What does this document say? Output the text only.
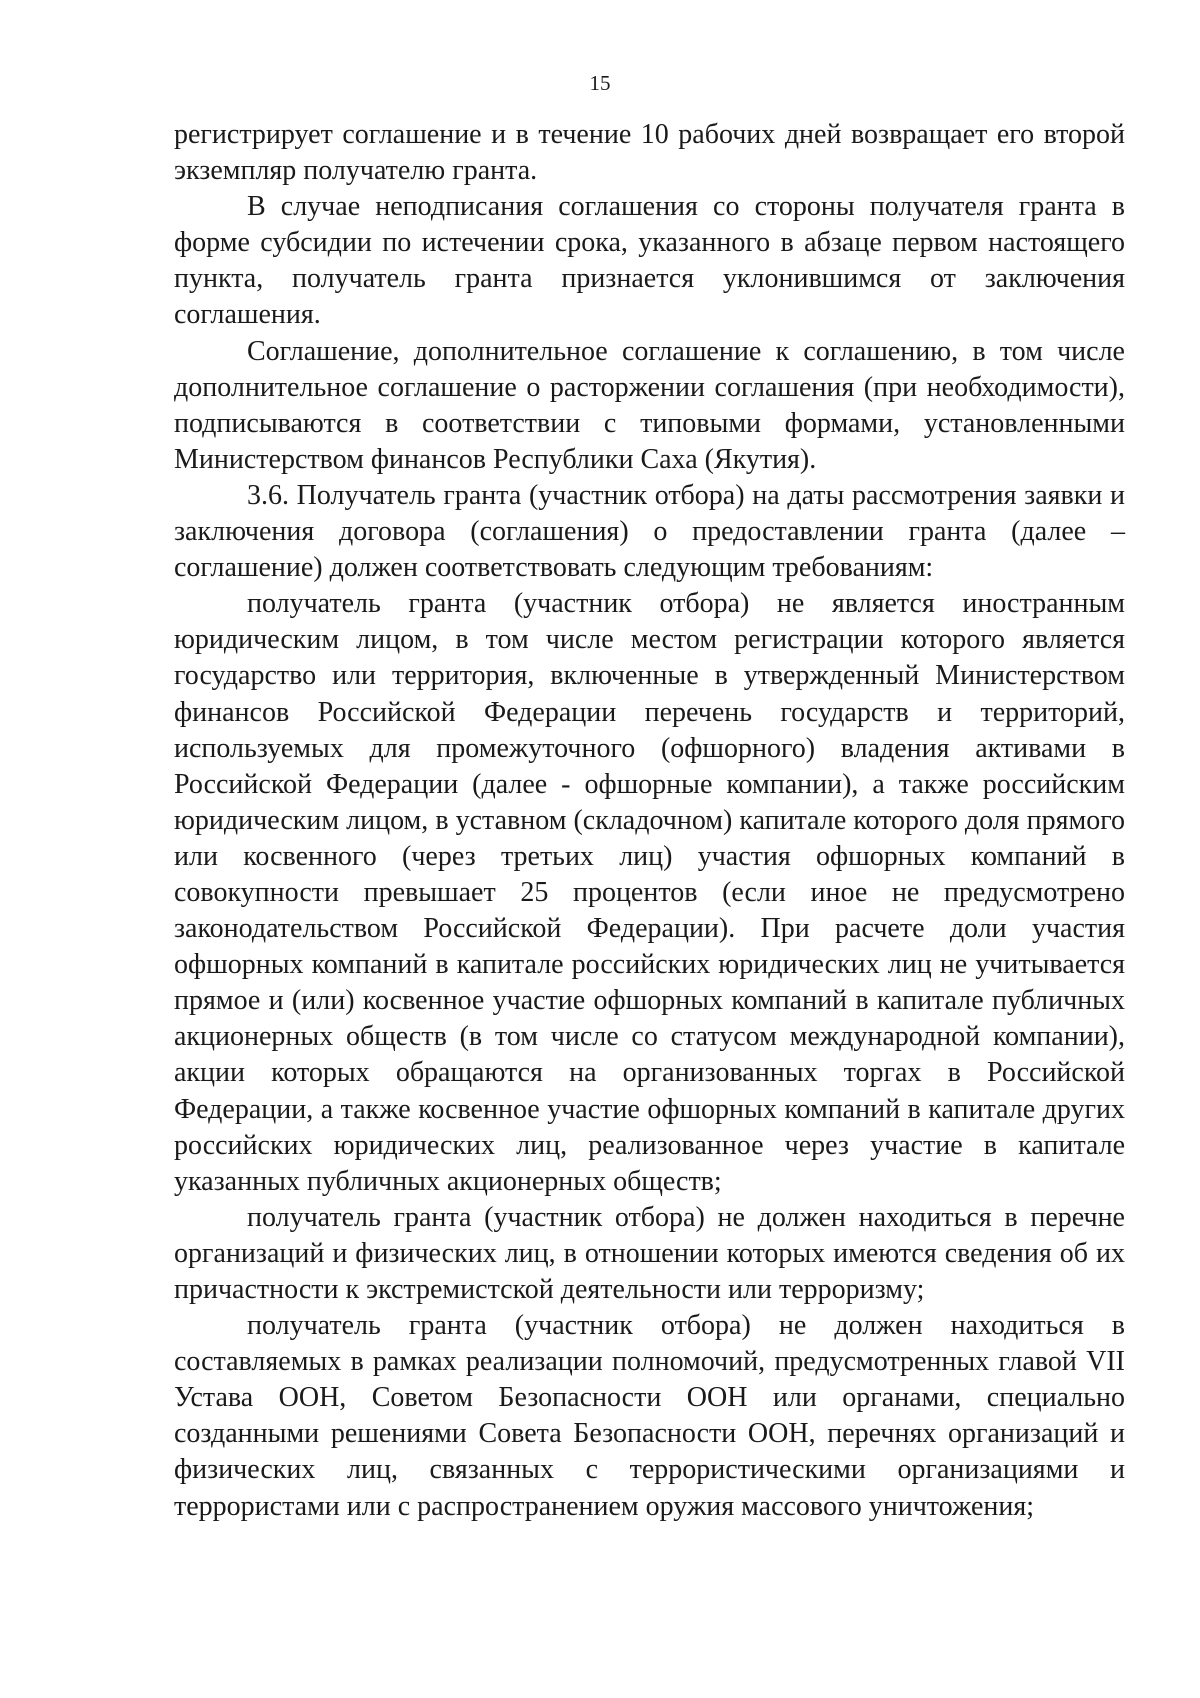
15

регистрирует соглашение и в течение 10 рабочих дней возвращает его второй экземпляр получателю гранта.

В случае неподписания соглашения со стороны получателя гранта в форме субсидии по истечении срока, указанного в абзаце первом настоящего пункта, получатель гранта признается уклонившимся от заключения соглашения.

Соглашение, дополнительное соглашение к соглашению, в том числе дополнительное соглашение о расторжении соглашения (при необходимости), подписываются в соответствии с типовыми формами, установленными Министерством финансов Республики Саха (Якутия).

3.6. Получатель гранта (участник отбора) на даты рассмотрения заявки и заключения договора (соглашения) о предоставлении гранта (далее – соглашение) должен соответствовать следующим требованиям:

получатель гранта (участник отбора) не является иностранным юридическим лицом, в том числе местом регистрации которого является государство или территория, включенные в утвержденный Министерством финансов Российской Федерации перечень государств и территорий, используемых для промежуточного (офшорного) владения активами в Российской Федерации (далее - офшорные компании), а также российским юридическим лицом, в уставном (складочном) капитале которого доля прямого или косвенного (через третьих лиц) участия офшорных компаний в совокупности превышает 25 процентов (если иное не предусмотрено законодательством Российской Федерации). При расчете доли участия офшорных компаний в капитале российских юридических лиц не учитывается прямое и (или) косвенное участие офшорных компаний в капитале публичных акционерных обществ (в том числе со статусом международной компании), акции которых обращаются на организованных торгах в Российской Федерации, а также косвенное участие офшорных компаний в капитале других российских юридических лиц, реализованное через участие в капитале указанных публичных акционерных обществ;

получатель гранта (участник отбора) не должен находиться в перечне организаций и физических лиц, в отношении которых имеются сведения об их причастности к экстремистской деятельности или терроризму;

получатель гранта (участник отбора) не должен находиться в составляемых в рамках реализации полномочий, предусмотренных главой VII Устава ООН, Советом Безопасности ООН или органами, специально созданными решениями Совета Безопасности ООН, перечнях организаций и физических лиц, связанных с террористическими организациями и террористами или с распространением оружия массового уничтожения;
